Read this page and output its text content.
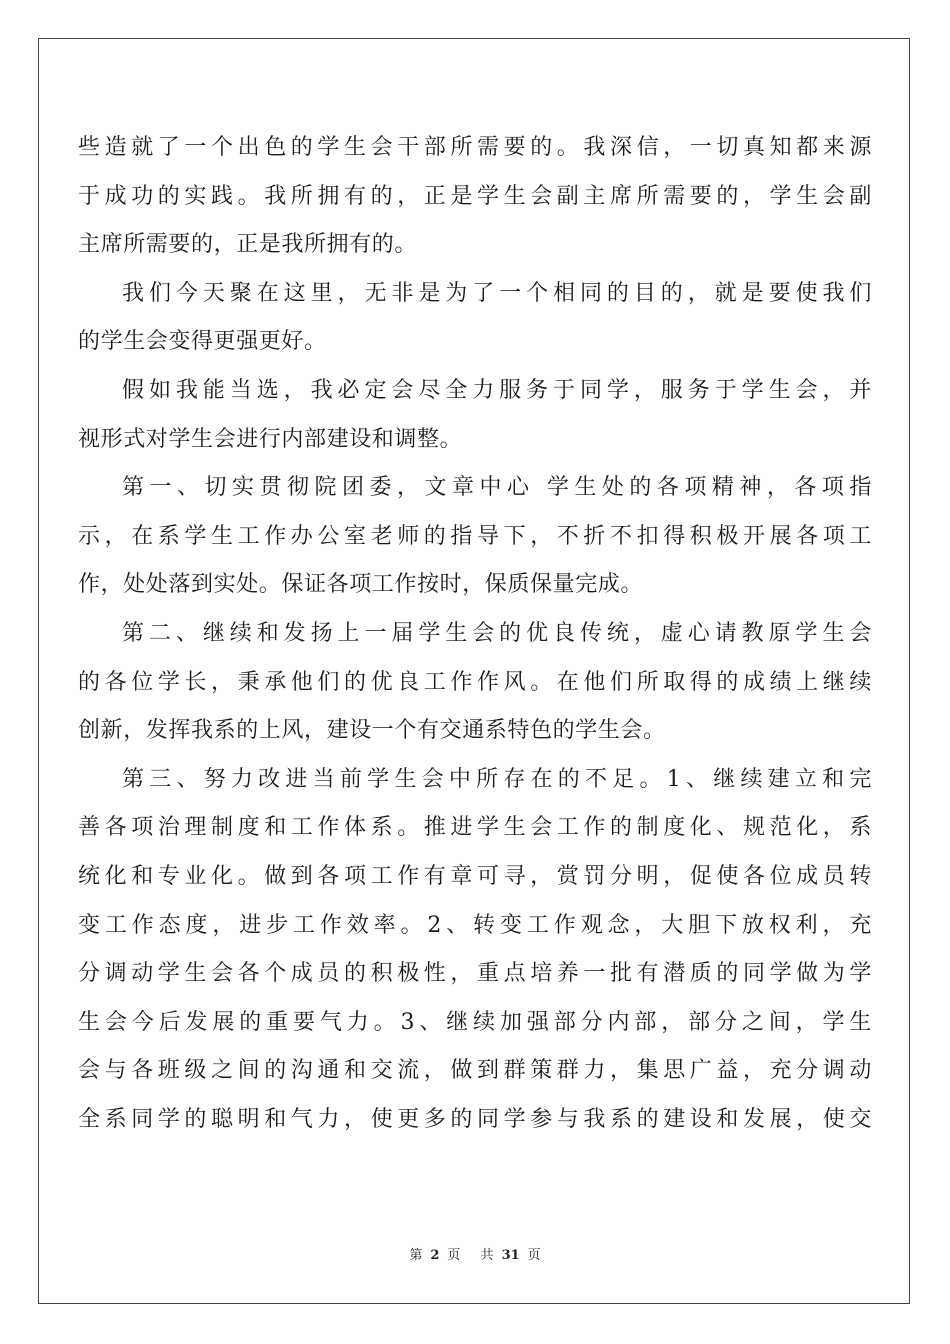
些造就了一个出色的学生会干部所需要的。我深信，一切真知都来源
于成功的实践。我所拥有的，正是学生会副主席所需要的，学生会副
主席所需要的，正是我所拥有的。

我们今天聚在这里，无非是为了一个相同的目的，就是要使我们
的学生会变得更强更好。

假如我能当选，我必定会尽全力服务于同学，服务于学生会，并
视形式对学生会进行内部建设和调整。

第一、切实贯彻院团委，文章中心 学生处的各项精神，各项指
示，在系学生工作办公室老师的指导下，不折不扣得积极开展各项工
作，处处落到实处。保证各项工作按时，保质保量完成。

第二、继续和发扬上一届学生会的优良传统，虚心请教原学生会
的各位学长，秉承他们的优良工作作风。在他们所取得的成绩上继续
创新，发挥我系的上风，建设一个有交通系特色的学生会。

第三、努力改进当前学生会中所存在的不足。1、继续建立和完
善各项治理制度和工作体系。推进学生会工作的制度化、规范化，系
统化和专业化。做到各项工作有章可寻，赏罚分明，促使各位成员转
变工作态度，进步工作效率。2、转变工作观念，大胆下放权利，充
分调动学生会各个成员的积极性，重点培养一批有潜质的同学做为学
生会今后发展的重要气力。3、继续加强部分内部，部分之间，学生
会与各班级之间的沟通和交流，做到群策群力，集思广益，充分调动
全系同学的聪明和气力，使更多的同学参与我系的建设和发展，使交

第 2 页 共 31 页
